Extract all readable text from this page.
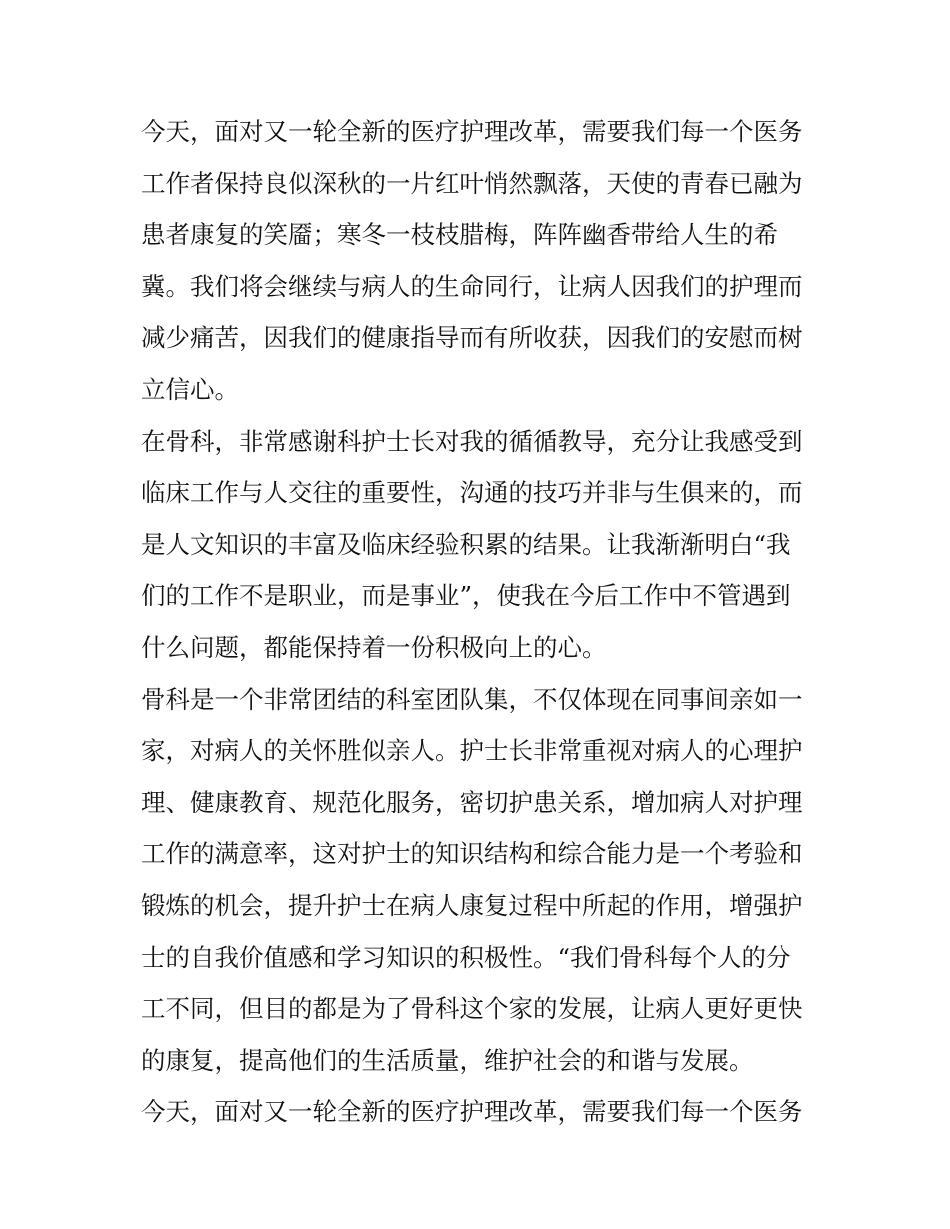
今天，面对又一轮全新的医疗护理改革，需要我们每一个医务
工作者保持良似深秋的一片红叶悄然飘落，天使的青春已融为
患者康复的笑靥；寒冬一枝枝腊梅，阵阵幽香带给人生的希
冀。我们将会继续与病人的生命同行，让病人因我们的护理而
减少痛苦，因我们的健康指导而有所收获，因我们的安慰而树
立信心。
在骨科，非常感谢科护士长对我的循循教导，充分让我感受到
临床工作与人交往的重要性，沟通的技巧并非与生俱来的，而
是人文知识的丰富及临床经验积累的结果。让我渐渐明白“我
们的工作不是职业，而是事业”，使我在今后工作中不管遇到
什么问题，都能保持着一份积极向上的心。
骨科是一个非常团结的科室团队集，不仅体现在同事间亲如一
家，对病人的关怀胜似亲人。护士长非常重视对病人的心理护
理、健康教育、规范化服务，密切护患关系，增加病人对护理
工作的满意率，这对护士的知识结构和综合能力是一个考验和
锻炼的机会，提升护士在病人康复过程中所起的作用，增强护
士的自我价值感和学习知识的积极性。“我们骨科每个人的分
工不同，但目的都是为了骨科这个家的发展，让病人更好更快
的康复，提高他们的生活质量，维护社会的和谐与发展。
今天，面对又一轮全新的医疗护理改革，需要我们每一个医务
